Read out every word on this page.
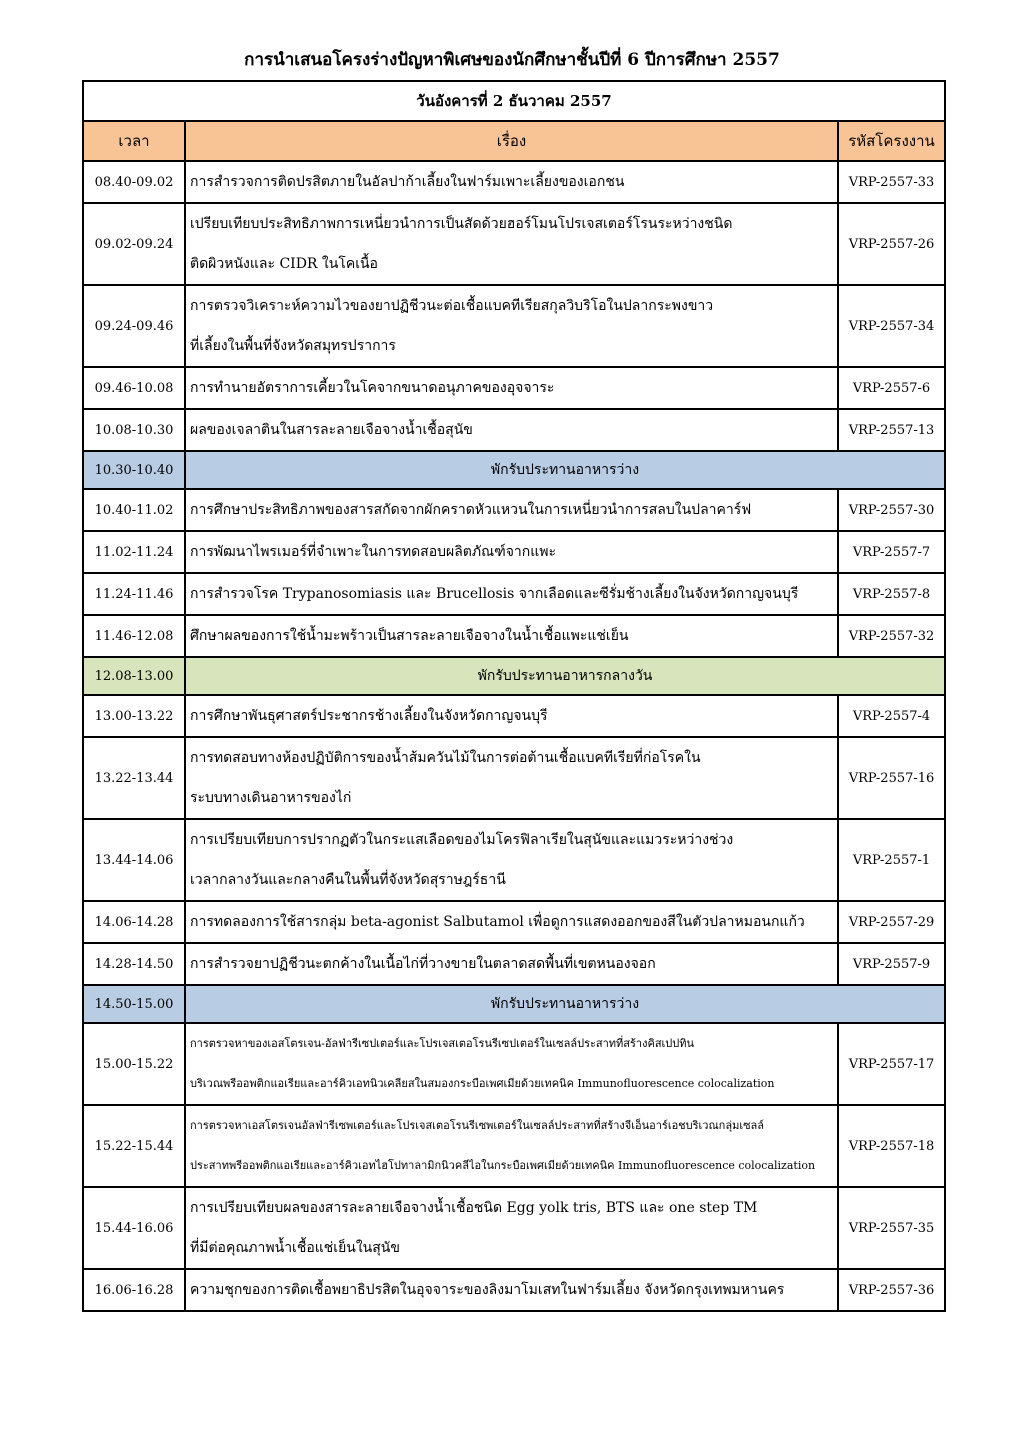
การนำเสนอโครงร่างปัญหาพิเศษของนักศึกษาชั้นปีที่ 6 ปีการศึกษา 2557
วันอังคารที่ 2 ธันวาคม 2557		
เวลา	เรื่อง	รหัสโครงงาน
08.40-09.02	การสำรวจการติดปรสิตภายในอัลปาก้าเลี้ยงในฟาร์มเพาะเลี้ยงของเอกชน	VRP-2557-33
09.02-09.24	เปรียบเทียบประสิทธิภาพการเหนี่ยวนำการเป็นสัดด้วยฮอร์โมนโปรเจสเตอร์โรนระหว่างชนิด
ติดผิวหนังและ CIDR ในโคเนื้อ	VRP-2557-26
09.24-09.46	การตรวจวิเคราะห์ความไวของยาปฏิชีวนะต่อเชื้อแบคทีเรียสกุลวิบริโอในปลากระพงขาว
ที่เลี้ยงในพื้นที่จังหวัดสมุทรปราการ	VRP-2557-34
09.46-10.08	การทำนายอัตราการเคี้ยวในโคจากขนาดอนุภาคของอุจจาระ	VRP-2557-6
10.08-10.30	ผลของเจลาตินในสารละลายเจือจางน้ำเชื้อสุนัข	VRP-2557-13
10.30-10.40	พักรับประทานอาหารว่าง	
10.40-11.02	การศึกษาประสิทธิภาพของสารสกัดจากผักคราดหัวแหวนในการเหนี่ยวนำการสลบในปลาคาร์ฟ	VRP-2557-30
11.02-11.24	การพัฒนาไพรเมอร์ที่จำเพาะในการทดสอบผลิตภัณฑ์จากแพะ	VRP-2557-7
11.24-11.46	การสำรวจโรค Trypanosomiasis และ Brucellosis จากเลือดและซีรั่มช้างเลี้ยงในจังหวัดกาญจนบุรี	VRP-2557-8
11.46-12.08	ศึกษาผลของการใช้น้ำมะพร้าวเป็นสารละลายเจือจางในน้ำเชื้อแพะแช่เย็น	VRP-2557-32
12.08-13.00	พักรับประทานอาหารกลางวัน	
13.00-13.22	การศึกษาพันธุศาสตร์ประชากรช้างเลี้ยงในจังหวัดกาญจนบุรี	VRP-2557-4
13.22-13.44	การทดสอบทางห้องปฏิบัติการของน้ำส้มควันไม้ในการต่อต้านเชื้อแบคทีเรียที่ก่อโรคใน
ระบบทางเดินอาหารของไก่	VRP-2557-16
13.44-14.06	การเปรียบเทียบการปรากฏตัวในกระแสเลือดของไมโครฟิลาเรียในสุนัขและแมวระหว่างช่วง
เวลากลางวันและกลางคืนในพื้นที่จังหวัดสุราษฎร์ธานี	VRP-2557-1
14.06-14.28	การทดลองการใช้สารกลุ่ม beta-agonist Salbutamol เพื่อดูการแสดงออกของสีในตัวปลาหมอนกแก้ว	VRP-2557-29
14.28-14.50	การสำรวจยาปฏิชีวนะตกค้างในเนื้อไก่ที่วางขายในตลาดสดพื้นที่เขตหนองจอก	VRP-2557-9
14.50-15.00	พักรับประทานอาหารว่าง	
15.00-15.22	การตรวจหาของเอสโตรเจน-อัลฟ่ารีเซปเตอร์และโปรเจสเตอโรนรีเซปเตอร์ในเซลล์ประสาทที่สร้างคิสเปปทิน
บริเวณพรีออพติกแอเรียและอาร์คิวเอทนิวเคลียสในสมองกระบือเพศเมียด้วยเทคนิค Immunofluorescence colocalization	VRP-2557-17
15.22-15.44	การตรวจหาเอสโตรเจนอัลฟ่ารีเซพเตอร์และโปรเจสเตอโรนรีเซพเตอร์ในเซลล์ประสาทที่สร้างจีเอ็นอาร์เอชบริเวณกลุ่มเซลล์
ประสาทพรีออพติกแอเรียและอาร์คิวเอทไฮโปทาลามิกนิวคลีไอในกระบือเพศเมียด้วยเทคนิค Immunofluorescence colocalization	VRP-2557-18
15.44-16.06	การเปรียบเทียบผลของสารละลายเจือจางน้ำเชื้อชนิด Egg yolk tris, BTS และ one step TM
ที่มีต่อคุณภาพน้ำเชื้อแช่เย็นในสุนัข	VRP-2557-35
16.06-16.28	ความชุกของการติดเชื้อพยาธิปรสิตในอุจจาระของลิงมาโมเสทในฟาร์มเลี้ยง จังหวัดกรุงเทพมหานคร	VRP-2557-36
